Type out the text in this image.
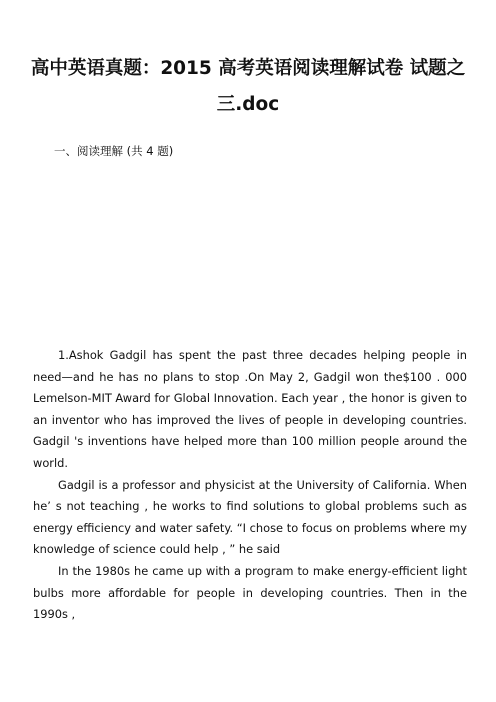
高中英语真题：2015 高考英语阅读理解试卷 试题之
三.doc
一、阅读理解 (共 4 题)

1.Ashok Gadgil has spent the past three decades helping people in need—and he has no plans to stop .On May 2, Gadgil won the$100 . 000 Lemelson-MIT Award for Global Innovation. Each year , the honor is given to an inventor who has improved the lives of people in developing countries. Gadgil 's inventions have helped more than 100 million people around the world.

Gadgil is a professor and physicist at the University of California. When he’ s not teaching , he works to find solutions to global problems such as energy efficiency and water safety. “I chose to focus on problems where my knowledge of science could help , ” he said

In the 1980s he came up with a program to make energy-efficient light bulbs more affordable for people in developing countries. Then in the 1990s ,
